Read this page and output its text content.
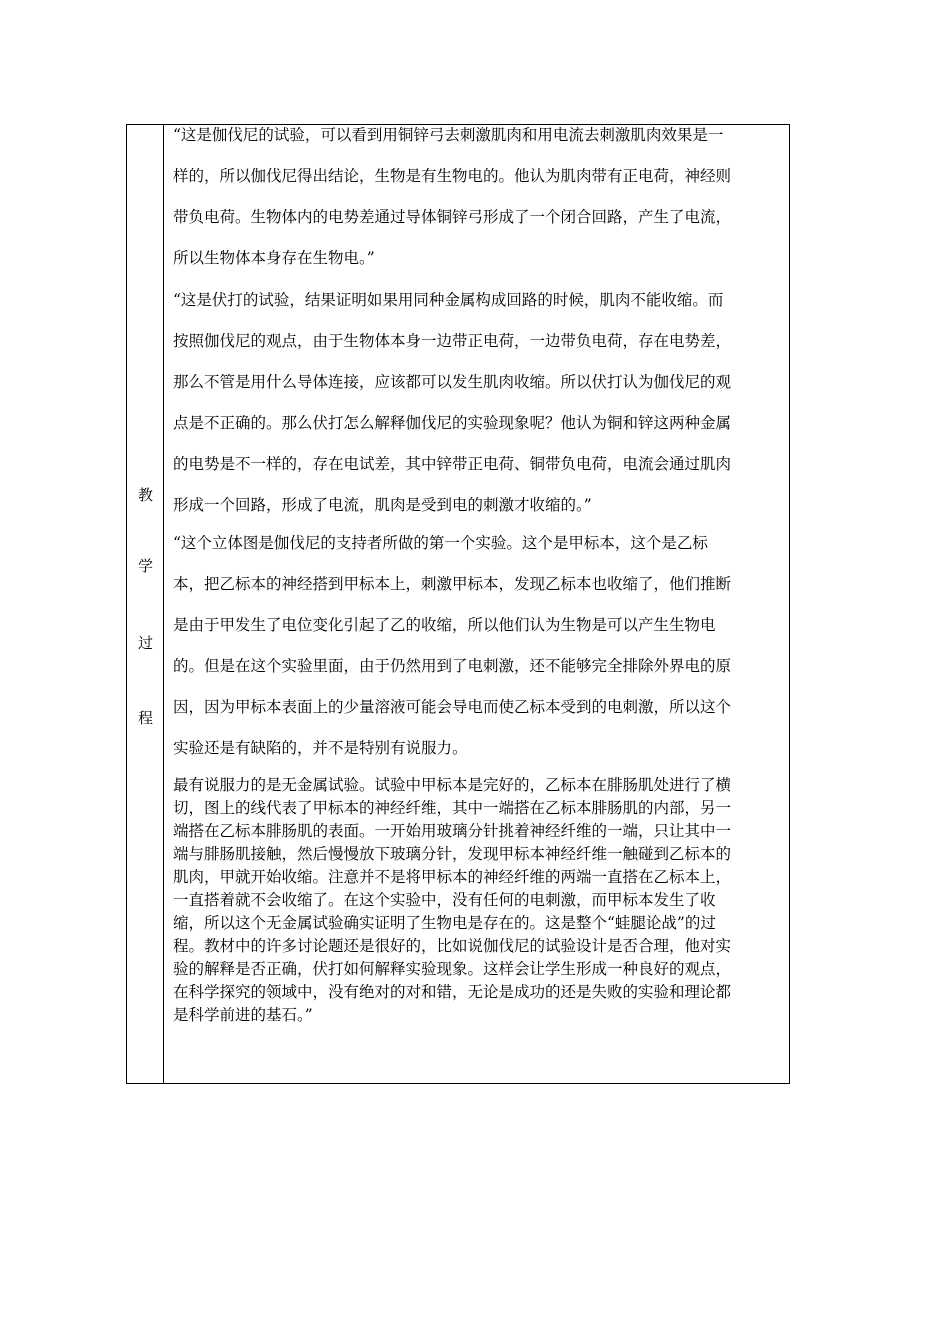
教
学
过
程
“这是伽伐尼的试验，可以看到用铜锌弓去刺激肌肉和用电流去刺激肌肉效果是一
样的，所以伽伐尼得出结论，生物是有生物电的。他认为肌肉带有正电荷，神经则
带负电荷。生物体内的电势差通过导体铜锌弓形成了一个闭合回路，产生了电流，
所以生物体本身存在生物电。”
“这是伏打的试验，结果证明如果用同种金属构成回路的时候，肌肉不能收缩。而
按照伽伐尼的观点，由于生物体本身一边带正电荷，一边带负电荷，存在电势差，
那么不管是用什么导体连接，应该都可以发生肌肉收缩。所以伏打认为伽伐尼的观
点是不正确的。那么伏打怎么解释伽伐尼的实验现象呢？他认为铜和锌这两种金属
的电势是不一样的，存在电试差，其中锌带正电荷、铜带负电荷，电流会通过肌肉
形成一个回路，形成了电流，肌肉是受到电的刺激才收缩的。”
“这个立体图是伽伐尼的支持者所做的第一个实验。这个是甲标本，这个是乙标
本，把乙标本的神经搭到甲标本上，刺激甲标本，发现乙标本也收缩了，他们推断
是由于甲发生了电位变化引起了乙的收缩，所以他们认为生物是可以产生生物电
的。但是在这个实验里面，由于仍然用到了电刺激，还不能够完全排除外界电的原
因，因为甲标本表面上的少量溶液可能会导电而使乙标本受到的电刺激，所以这个
实验还是有缺陷的，并不是特别有说服力。
最有说服力的是无金属试验。试验中甲标本是完好的，乙标本在腓肠肌处进行了横
切，图上的线代表了甲标本的神经纤维，其中一端搭在乙标本腓肠肌的内部，另一
端搭在乙标本腓肠肌的表面。一开始用玻璃分针挑着神经纤维的一端，只让其中一
端与腓肠肌接触，然后慢慢放下玻璃分针，发现甲标本神经纤维一触碰到乙标本的
肌肉，甲就开始收缩。注意并不是将甲标本的神经纤维的两端一直搭在乙标本上，
一直搭着就不会收缩了。在这个实验中，没有任何的电刺激，而甲标本发生了收
缩，所以这个无金属试验确实证明了生物电是存在的。这是整个“蛙腿论战”的过
程。教材中的许多讨论题还是很好的，比如说伽伐尼的试验设计是否合理，他对实
验的解释是否正确，伏打如何解释实验现象。这样会让学生形成一种良好的观点，
在科学探究的领域中，没有绝对的对和错，无论是成功的还是失败的实验和理论都
是科学前进的基石。”
